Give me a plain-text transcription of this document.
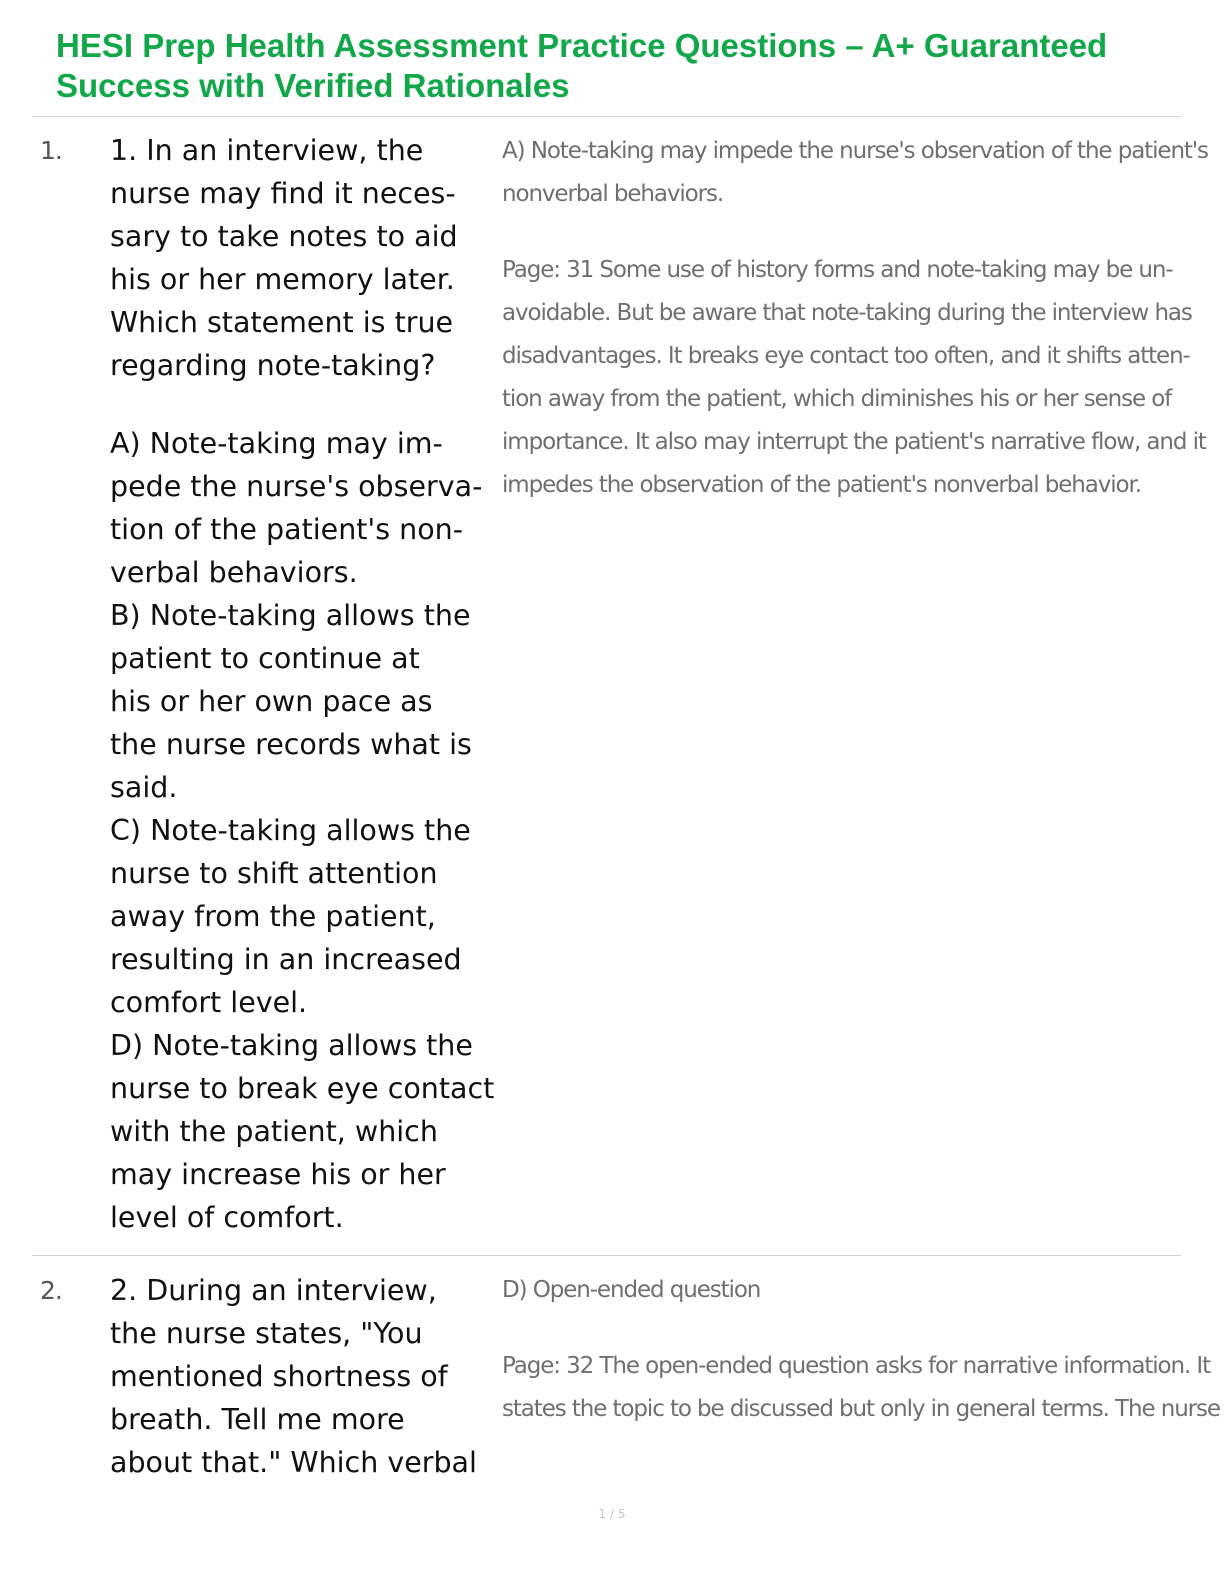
HESI Prep Health Assessment Practice Questions – A+ Guaranteed
Success with Verified Rationales
1. 1. In an interview, the
nurse may find it neces-
sary to take notes to aid
his or her memory later.
Which statement is true
regarding note-taking?
A) Note-taking may im-
pede the nurse's observa-
tion of the patient's non-
verbal behaviors.
B) Note-taking allows the
patient to continue at
his or her own pace as
the nurse records what is
said.
C) Note-taking allows the
nurse to shift attention
away from the patient,
resulting in an increased
comfort level.
D) Note-taking allows the
nurse to break eye contact
with the patient, which
may increase his or her
level of comfort.
A) Note-taking may impede the nurse's observation of the patient's
nonverbal behaviors.
Page: 31 Some use of history forms and note-taking may be un-
avoidable. But be aware that note-taking during the interview has
disadvantages. It breaks eye contact too often, and it shifts atten-
tion away from the patient, which diminishes his or her sense of
importance. It also may interrupt the patient's narrative flow, and it
impedes the observation of the patient's nonverbal behavior.
2. 2. During an interview,
the nurse states, "You
mentioned shortness of
breath. Tell me more
about that." Which verbal
D) Open-ended question
Page: 32 The open-ended question asks for narrative information. It
states the topic to be discussed but only in general terms. The nurse
1 / 5
